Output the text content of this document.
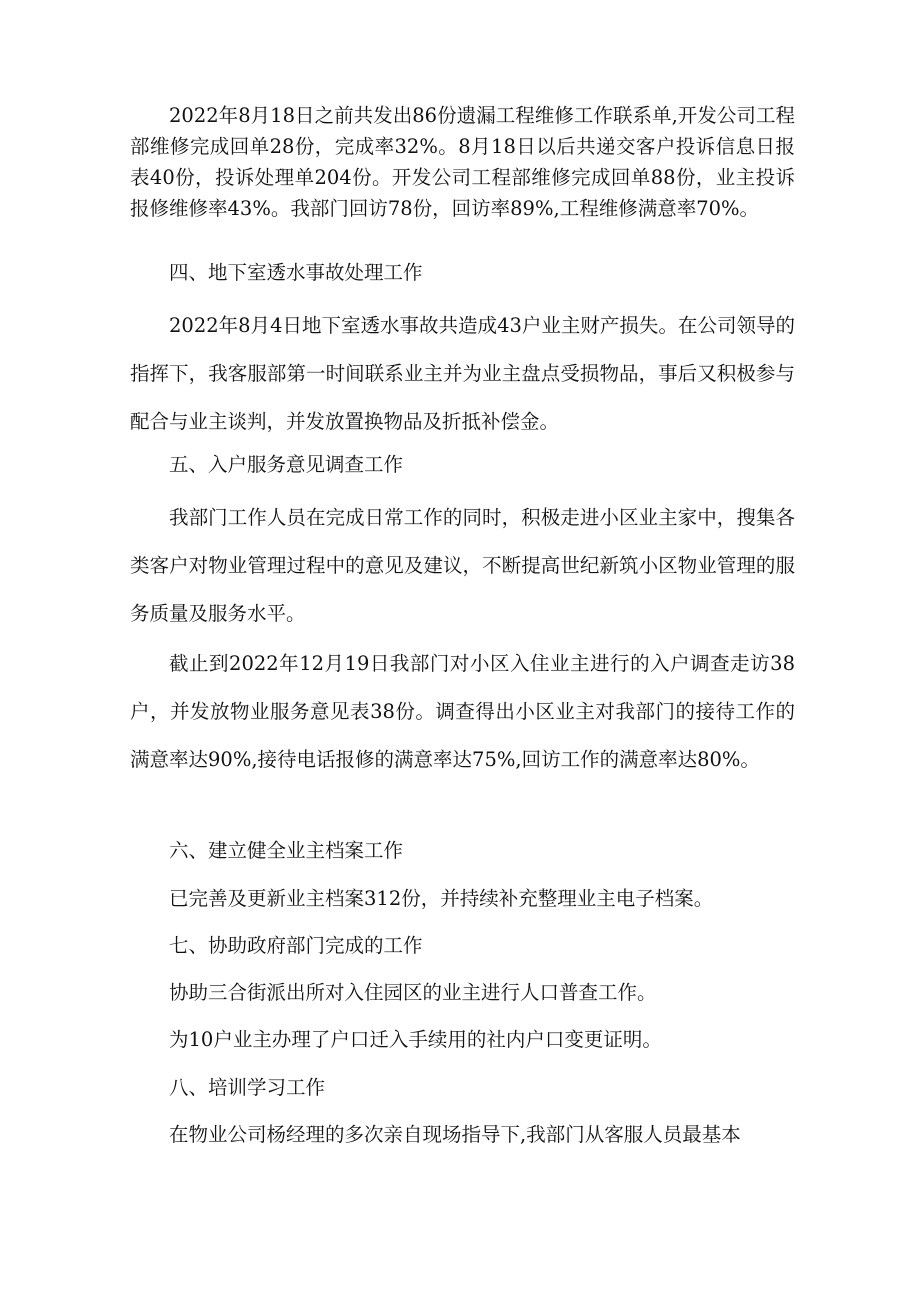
2022年8月18日之前共发出86份遗漏工程维修工作联系单,开发公司工程部维修完成回单28份，完成率32%。8月18日以后共递交客户投诉信息日报表40份，投诉处理单204份。开发公司工程部维修完成回单88份，业主投诉报修维修率43%。我部门回访78份，回访率89%,工程维修满意率70%。

四、地下室透水事故处理工作

2022年8月4日地下室透水事故共造成43户业主财产损失。在公司领导的指挥下，我客服部第一时间联系业主并为业主盘点受损物品，事后又积极参与配合与业主谈判，并发放置换物品及折抵补偿金。

五、入户服务意见调查工作

我部门工作人员在完成日常工作的同时，积极走进小区业主家中，搜集各类客户对物业管理过程中的意见及建议，不断提高世纪新筑小区物业管理的服务质量及服务水平。

截止到2022年12月19日我部门对小区入住业主进行的入户调查走访38户，并发放物业服务意见表38份。调查得出小区业主对我部门的接待工作的满意率达90%,接待电话报修的满意率达75%,回访工作的满意率达80%。

六、建立健全业主档案工作

已完善及更新业主档案312份，并持续补充整理业主电子档案。

七、协助政府部门完成的工作

协助三合街派出所对入住园区的业主进行人口普查工作。

为10户业主办理了户口迁入手续用的社内户口变更证明。

八、培训学习工作

在物业公司杨经理的多次亲自现场指导下,我部门从客服人员最基本
